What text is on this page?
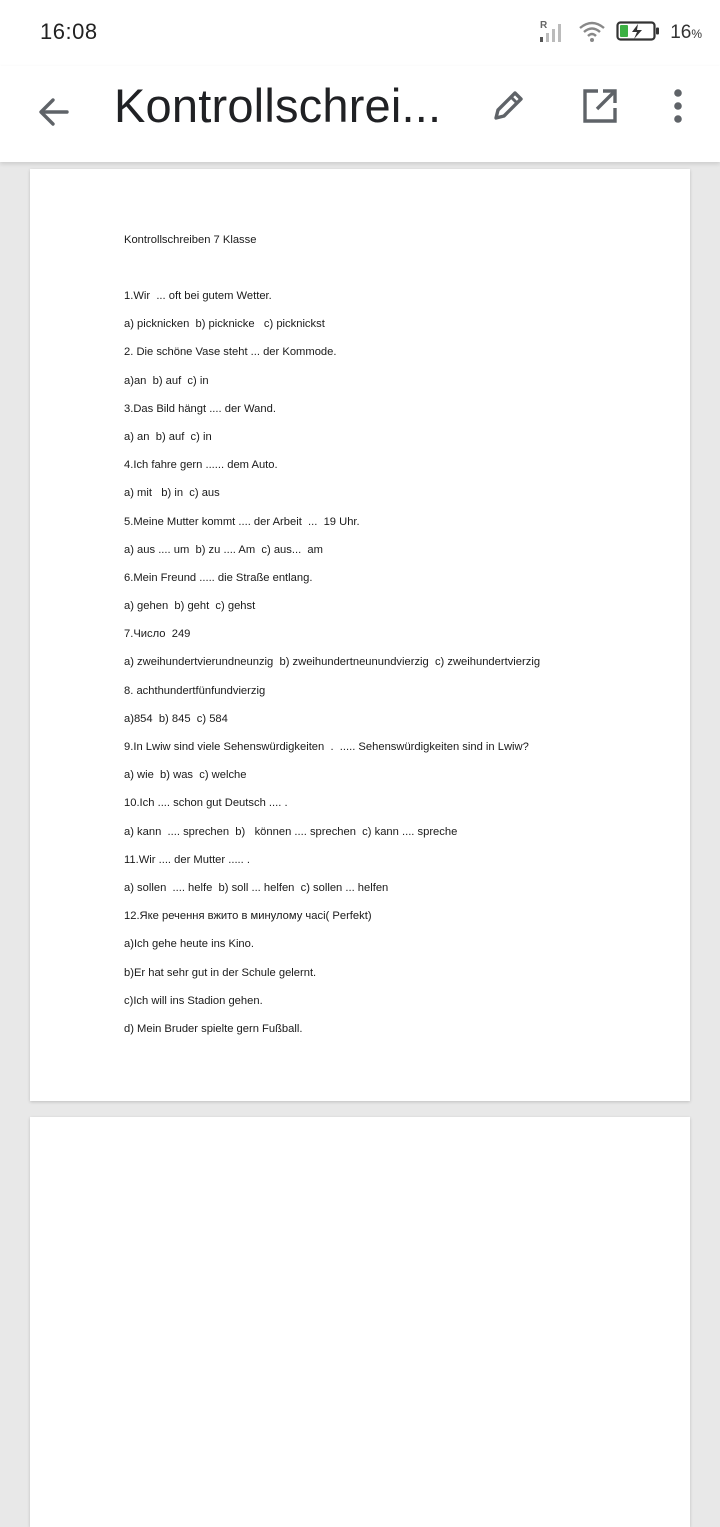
16:08	R	16%
Kontrollschrei...
Kontrollschreiben 7 Klasse
1.Wir  ... oft bei gutem Wetter.
a) picknicken  b) picknicke   c) picknickst
2. Die schöne Vase steht ... der Kommode.
a)an  b) auf  c) in
3.Das Bild hängt .... der Wand.
a) an  b) auf  c) in
4.Ich fahre gern ...... dem Auto.
a) mit   b) in  c) aus
5.Meine Mutter kommt .... der Arbeit  ...  19 Uhr.
a) aus .... um  b) zu .... Am  c) aus...  am
6.Mein Freund ..... die Straße entlang.
a) gehen  b) geht  c) gehst
7.Число  249
a) zweihundertvierundneunzig  b) zweihundertneunundvierzig  c) zweihundertvierzig
8. achthundertfünfundvierzig
a)854  b) 845  c) 584
9.In Lwiw sind viele Sehenswürdigkeiten  .  ..... Sehenswürdigkeiten sind in Lwiw?
a) wie  b) was  c) welche
10.Ich .... schon gut Deutsch .... .
a) kann  .... sprechen  b)   können .... sprechen  c) kann .... spreche
11.Wir .... der Mutter ..... .
a) sollen  .... helfe  b) soll ... helfen  c) sollen ... helfen
12.Яке речення вжито в минулому часі( Perfekt)
a)Ich gehe heute ins Kino.
b)Er hat sehr gut in der Schule gelernt.
c)Ich will ins Stadion gehen.
d) Mein Bruder spielte gern Fußball.
